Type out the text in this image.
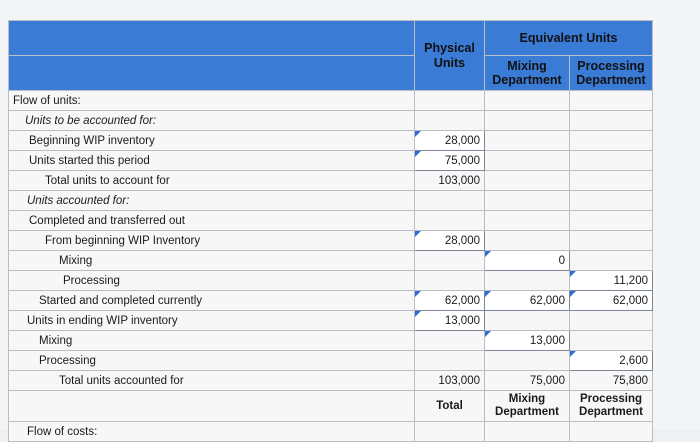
	Physical Units	Equivalent Units	
		Mixing Department	Processing Department

Flow of units:			
Units to be accounted for:			
Beginning WIP inventory	28,000		
Units started this period	75,000		
Total units to account for	103,000		
Units accounted for:			
Completed and transferred out			
From beginning WIP Inventory	28,000		
Mixing		0	
Processing			11,200
Started and completed currently	62,000	62,000	62,000
Units in ending WIP inventory	13,000		
Mixing		13,000	
Processing			2,600
Total units accounted for	103,000	75,000	75,800
	Total	Mixing Department	Processing Department
Flow of costs:			
